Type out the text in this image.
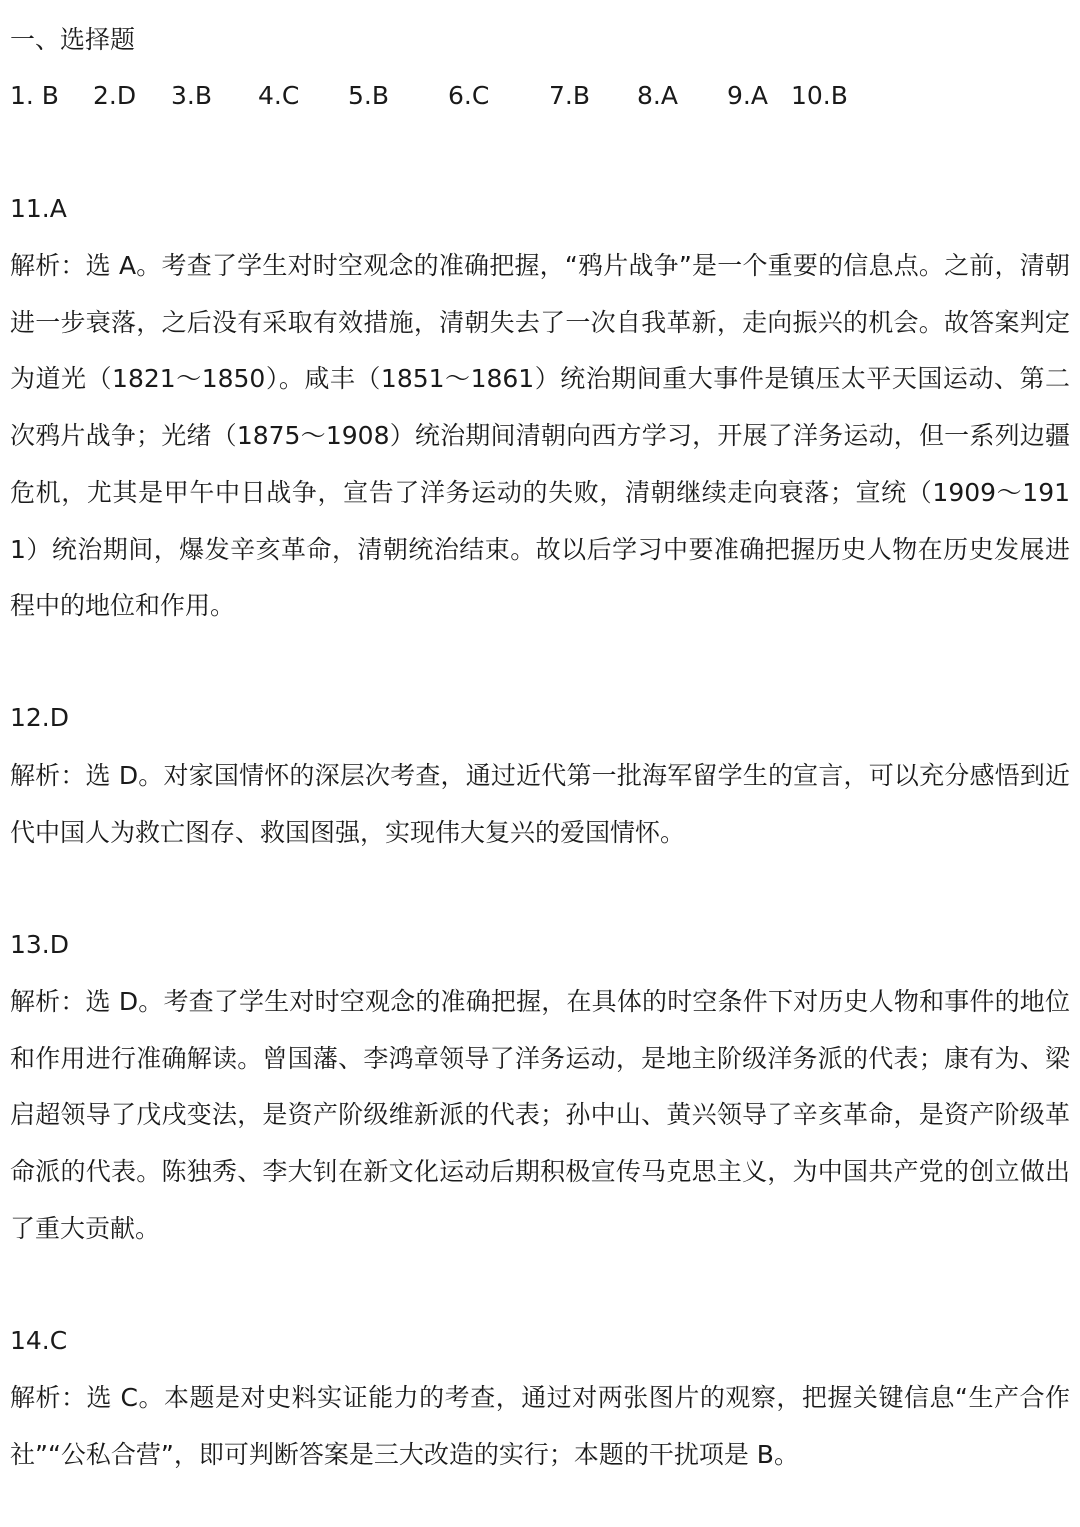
一、选择题
1. B 2.D 3.B 4.C 5.B 6.C 7.B 8.A 9.A 10.B
11.A
解析：选 A。考查了学生对时空观念的准确把握，“鸦片战争”是一个重要的信息点。之前，清朝进一步衰落，之后没有采取有效措施，清朝失去了一次自我革新，走向振兴的机会。故答案判定为道光（1821～1850）。咸丰（1851～1861）统治期间重大事件是镇压太平天国运动、第二次鸦片战争；光绪（1875～1908）统治期间清朝向西方学习，开展了洋务运动，但一系列边疆危机，尤其是甲午中日战争，宣告了洋务运动的失败，清朝继续走向衰落；宣统（1909～1911）统治期间，爆发辛亥革命，清朝统治结束。故以后学习中要准确把握历史人物在历史发展进程中的地位和作用。
12.D
解析：选 D。对家国情怀的深层次考查，通过近代第一批海军留学生的宣言，可以充分感悟到近代中国人为救亡图存、救国图强，实现伟大复兴的爱国情怀。
13.D
解析：选 D。考查了学生对时空观念的准确把握，在具体的时空条件下对历史人物和事件的地位和作用进行准确解读。曾国藩、李鸿章领导了洋务运动，是地主阶级洋务派的代表；康有为、梁启超领导了戊戌变法，是资产阶级维新派的代表；孙中山、黄兴领导了辛亥革命，是资产阶级革命派的代表。陈独秀、李大钊在新文化运动后期积极宣传马克思主义，为中国共产党的创立做出了重大贡献。
14.C
解析：选 C。本题是对史料实证能力的考查，通过对两张图片的观察，把握关键信息“生产合作社”“公私合营”，即可判断答案是三大改造的实行；本题的干扰项是 B。
